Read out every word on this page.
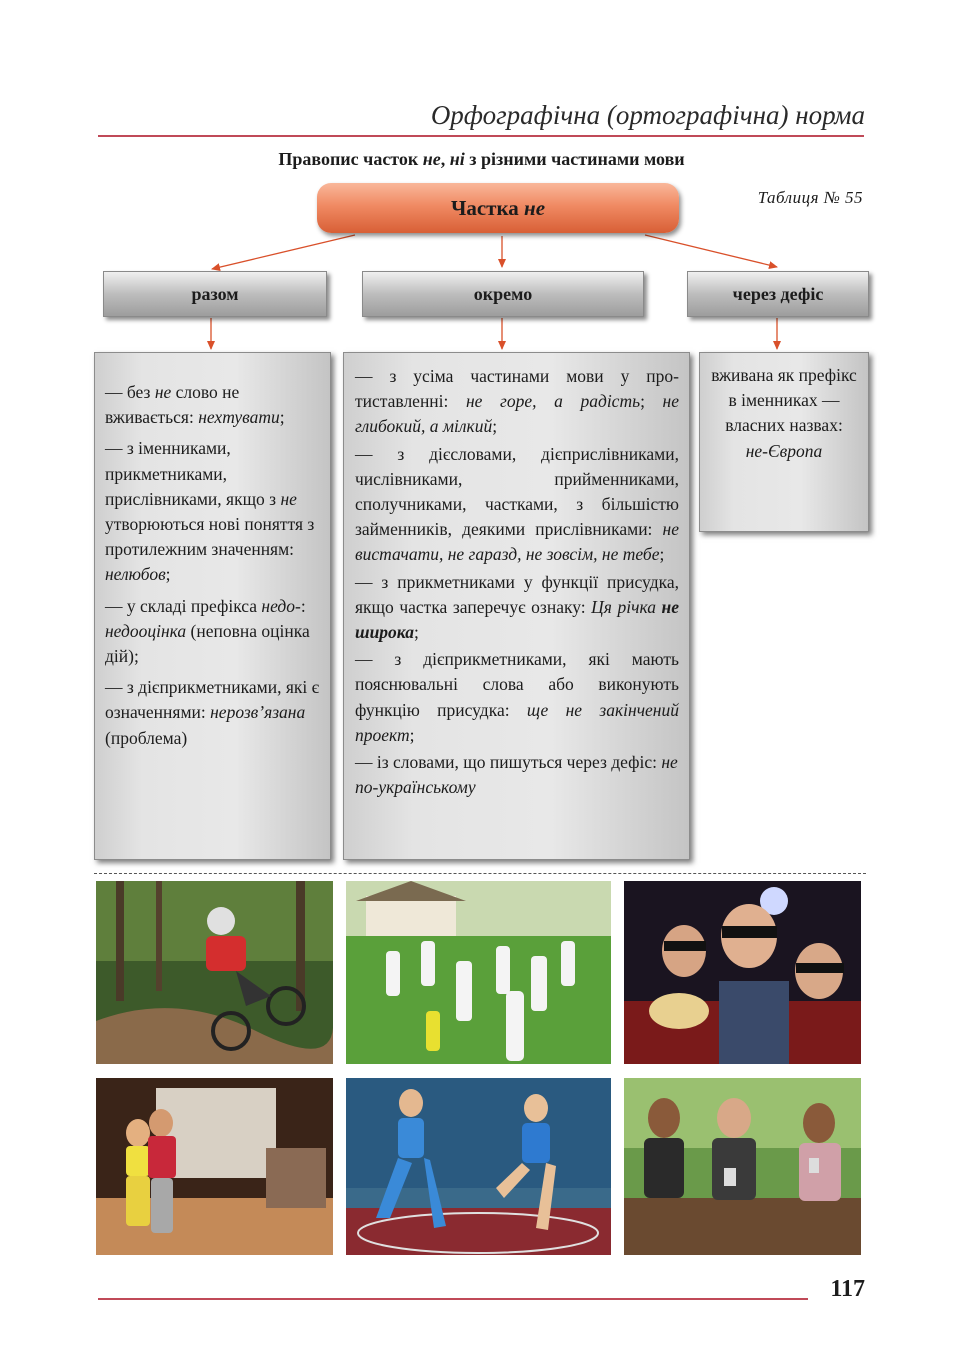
Орфографічна (ортографічна) норма
Правопис часток не, ні з різними частинами мови
Таблиця № 55
Частка
не
разом	окремо	через дефіс

— без не слово не вживається: нехтувати;

— з іменниками, прикметниками, прислівниками, якщо з не утворюються нові поняття з протилежним значенням: нелюбов;

— у складі префікса недо-: недооцінка (неповна оцінка дій);

— з дієприкметниками, які є означеннями: нерозв’язана (проблема)

— з усіма частинами мови у протиставленні: не горе, а радість; не глибокий, а мілкий;

— з дієсловами, дієприслівниками, числівниками, прийменниками, сполучниками, частками, з більшістю займенників, деякими прислівниками: не вистачати, не гаразд, не зовсім, не тебе;

— з прикметниками у функції присудка, якщо частка заперечує ознаку: Ця річка не широка;

— з дієприкметниками, які мають пояснювальні слова або виконують функцію присудка: ще не закінчений проект;

— із словами, що пишуться через дефіс: не по-українському

вживана як префікс в іменниках — власних назвах:
не-Європа
117
